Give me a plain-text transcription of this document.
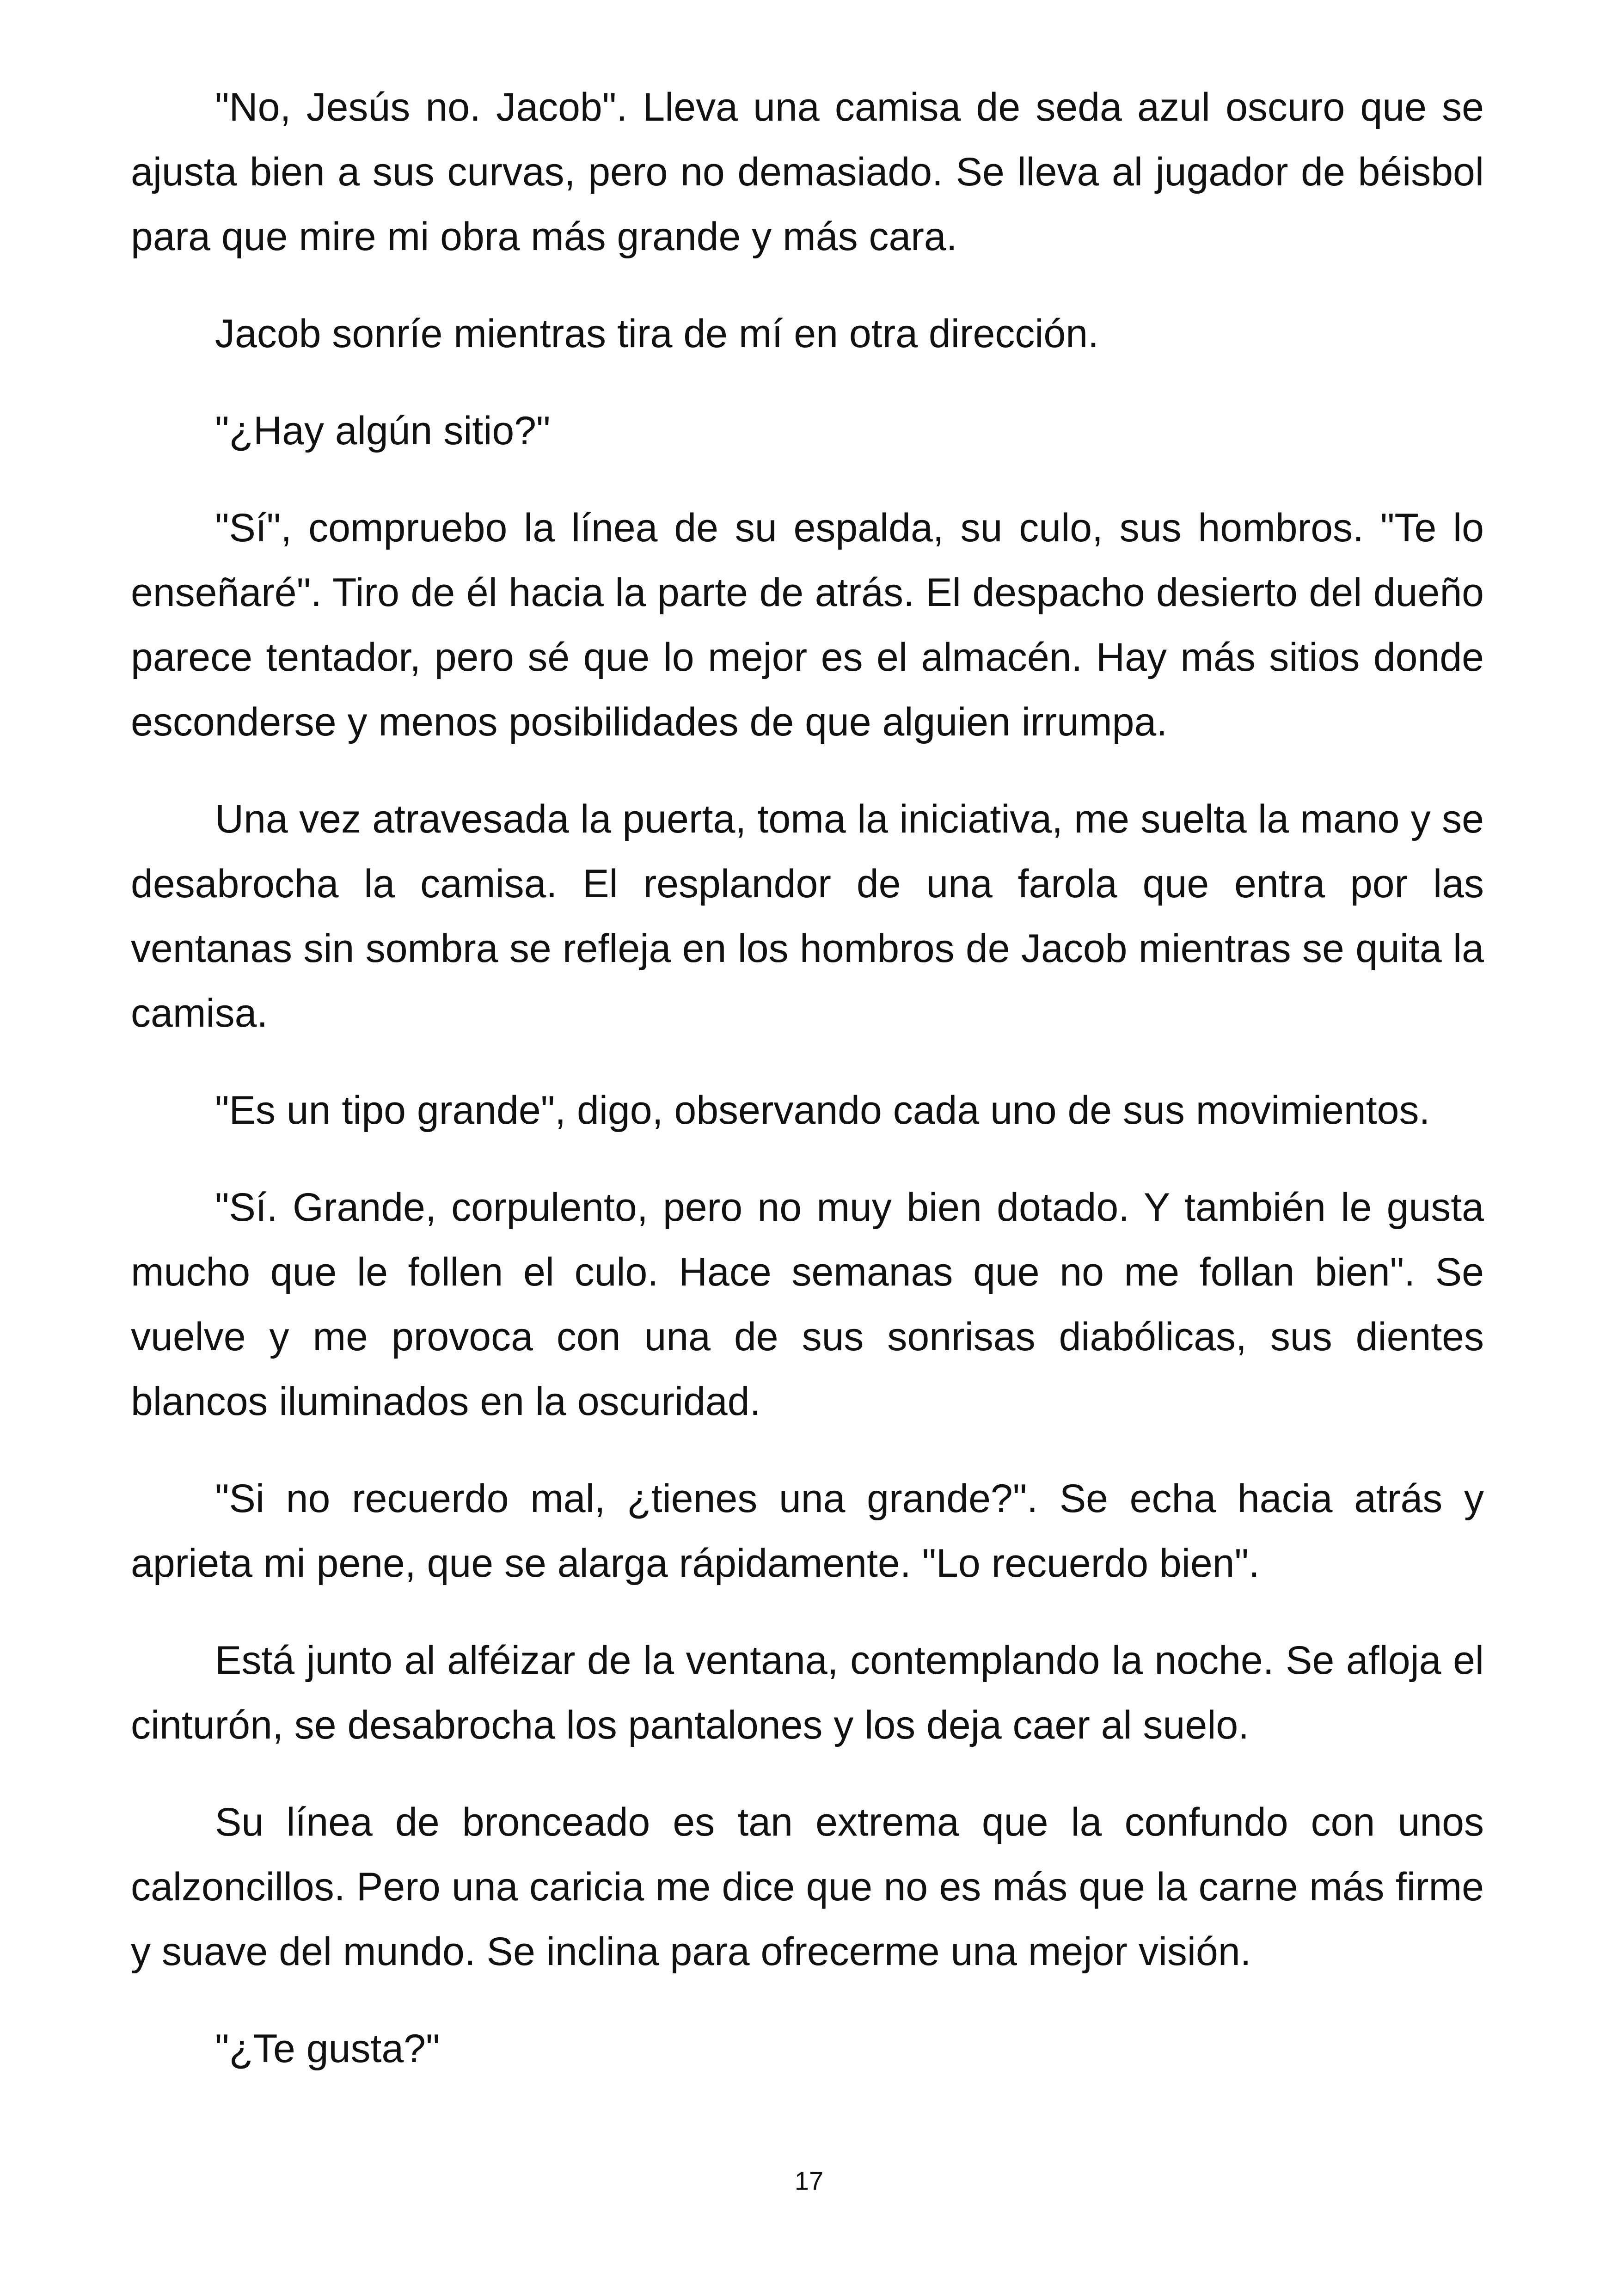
"No, Jesús no. Jacob". Lleva una camisa de seda azul oscuro que se ajusta bien a sus curvas, pero no demasiado. Se lleva al jugador de béisbol para que mire mi obra más grande y más cara.

Jacob sonríe mientras tira de mí en otra dirección.

"¿Hay algún sitio?"

"Sí", compruebo la línea de su espalda, su culo, sus hombros. "Te lo enseñaré". Tiro de él hacia la parte de atrás. El despacho desierto del dueño parece tentador, pero sé que lo mejor es el almacén. Hay más sitios donde esconderse y menos posibilidades de que alguien irrumpa.

Una vez atravesada la puerta, toma la iniciativa, me suelta la mano y se desabrocha la camisa. El resplandor de una farola que entra por las ventanas sin sombra se refleja en los hombros de Jacob mientras se quita la camisa.

"Es un tipo grande", digo, observando cada uno de sus movimientos.

"Sí. Grande, corpulento, pero no muy bien dotado. Y también le gusta mucho que le follen el culo. Hace semanas que no me follan bien". Se vuelve y me provoca con una de sus sonrisas diabólicas, sus dientes blancos iluminados en la oscuridad.

"Si no recuerdo mal, ¿tienes una grande?". Se echa hacia atrás y aprieta mi pene, que se alarga rápidamente. "Lo recuerdo bien".

Está junto al alféizar de la ventana, contemplando la noche. Se afloja el cinturón, se desabrocha los pantalones y los deja caer al suelo.

Su línea de bronceado es tan extrema que la confundo con unos calzoncillos. Pero una caricia me dice que no es más que la carne más firme y suave del mundo. Se inclina para ofrecerme una mejor visión.

"¿Te gusta?"

17
